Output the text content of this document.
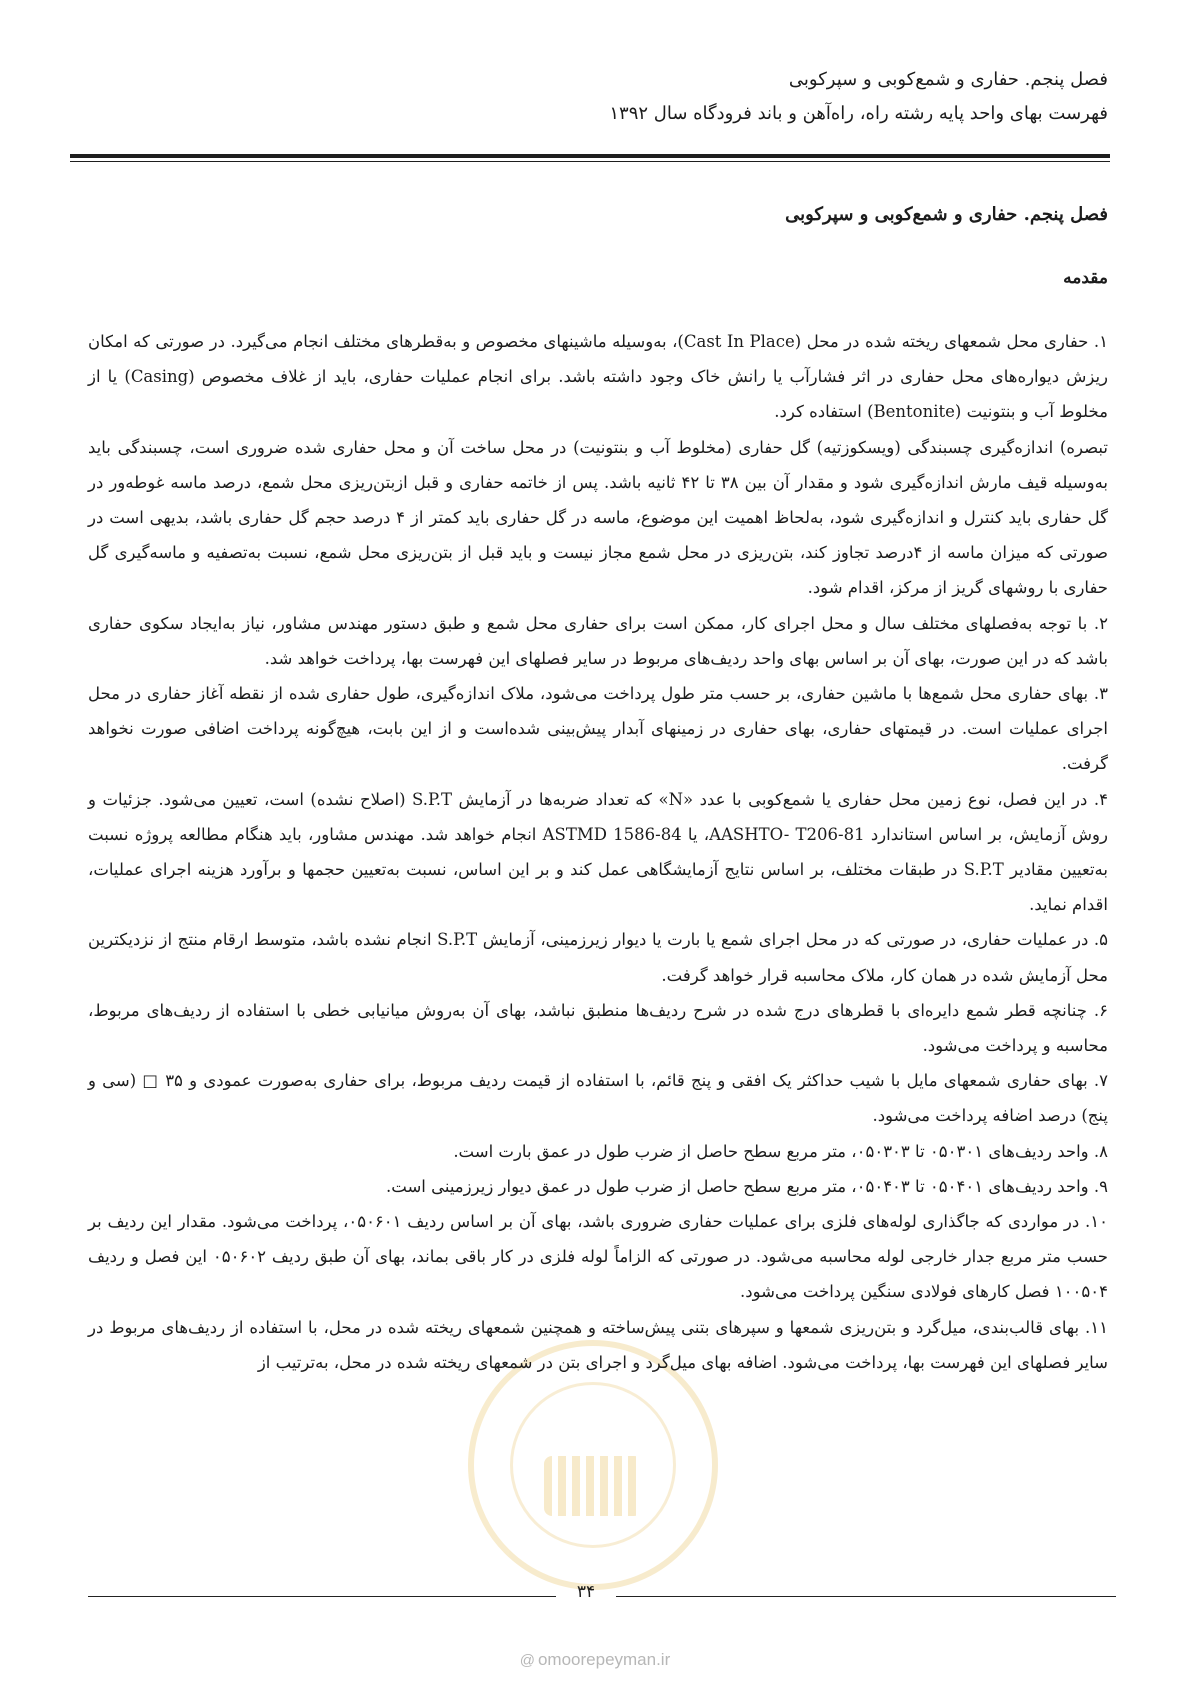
فصل پنجم. حفاری و شمع‌کوبی و سپرکوبی
فهرست بهای واحد پایه رشته راه، راه‌آهن و باند فرودگاه سال ۱۳۹۲
فصل پنجم. حفاری و شمع‌کوبی و سپرکوبی
مقدمه

۱. حفاری محل شمعهای ریخته شده در محل (Cast In Place)، به‌وسیله ماشینهای مخصوص و به‌قطرهای مختلف انجام می‌گیرد. در صورتی که امکان ریزش دیواره‌های محل حفاری در اثر فشارآب یا رانش خاک وجود داشته باشد. برای انجام عملیات حفاری، باید از غلاف مخصوص (Casing) یا از مخلوط آب و بنتونیت (Bentonite) استفاده کرد.

تبصره) اندازه‌گیری چسبندگی (ویسکوزتیه) گل حفاری (مخلوط آب و بنتونیت) در محل ساخت آن و محل حفاری شده ضروری است، چسبندگی باید به‌وسیله قیف مارش اندازه‌گیری شود و مقدار آن بین ۳۸ تا ۴۲ ثانیه باشد. پس از خاتمه حفاری و قبل ازبتن‌ریزی محل شمع، درصد ماسه غوطه‌ور در گل حفاری باید کنترل و اندازه‌گیری شود، به‌لحاظ اهمیت این موضوع، ماسه در گل حفاری باید کمتر از ۴ درصد حجم گل حفاری باشد، بدیهی است در صورتی که میزان ماسه از ۴درصد تجاوز کند، بتن‌ریزی در محل شمع مجاز نیست و باید قبل از بتن‌ریزی محل شمع، نسبت به‌تصفیه و ماسه‌گیری گل حفاری با روشهای گریز از مرکز، اقدام شود.

۲. با توجه به‌فصلهای مختلف سال و محل اجرای کار، ممکن است برای حفاری محل شمع و طبق دستور مهندس مشاور، نیاز به‌ایجاد سکوی حفاری باشد که در این صورت، بهای آن بر اساس بهای واحد ردیف‌های مربوط در سایر فصلهای این فهرست بها، پرداخت خواهد شد.

۳. بهای حفاری محل شمع‌ها با ماشین حفاری، بر حسب متر طول پرداخت می‌شود، ملاک اندازه‌گیری، طول حفاری شده از نقطه آغاز حفاری در محل اجرای عملیات است. در قیمتهای حفاری، بهای حفاری در زمینهای آبدار پیش‌بینی شده‌است و از این بابت، هیچ‌گونه پرداخت اضافی صورت نخواهد گرفت.

۴. در این فصل، نوع زمین محل حفاری یا شمع‌کوبی با عدد «N» که تعداد ضربه‌ها در آزمایش S.P.T (اصلاح نشده) است، تعیین می‌شود. جزئیات و روش آزمایش، بر اساس استاندارد AASHTO- T206-81، یا ASTMD 1586-84 انجام خواهد شد. مهندس مشاور، باید هنگام مطالعه پروژه نسبت به‌تعیین مقادیر S.P.T در طبقات مختلف، بر اساس نتایج آزمایشگاهی عمل کند و بر این اساس، نسبت به‌تعیین حجمها و برآورد هزینه اجرای عملیات، اقدام نماید.

۵. در عملیات حفاری، در صورتی که در محل اجرای شمع یا بارت یا دیوار زیرزمینی، آزمایش S.P.T انجام نشده باشد، متوسط ارقام منتج از نزدیکترین محل آزمایش شده در همان کار، ملاک محاسبه قرار خواهد گرفت.

۶. چنانچه قطر شمع دایره‌ای با قطرهای درج شده در شرح ردیف‌ها منطبق نباشد، بهای آن به‌روش میانیابی خطی با استفاده از ردیف‌های مربوط، محاسبه و پرداخت می‌شود.

۷. بهای حفاری شمعهای مایل با شیب حداکثر یک افقی و پنج قائم، با استفاده از قیمت ردیف مربوط، برای حفاری به‌صورت عمودی و ۳۵ □ (سی و پنج) درصد اضافه پرداخت می‌شود.

۸. واحد ردیف‌های ۰۵۰۳۰۱ تا ۰۵۰۳۰۳، متر مربع سطح حاصل از ضرب طول در عمق بارت است.

۹. واحد ردیف‌های ۰۵۰۴۰۱ تا ۰۵۰۴۰۳، متر مربع سطح حاصل از ضرب طول در عمق دیوار زیرزمینی است.

۱۰. در مواردی که جاگذاری لوله‌های فلزی برای عملیات حفاری ضروری باشد، بهای آن بر اساس ردیف ۰۵۰۶۰۱، پرداخت می‌شود. مقدار این ردیف بر حسب متر مربع جدار خارجی لوله محاسبه می‌شود. در صورتی که الزاماً لوله فلزی در کار باقی بماند، بهای آن طبق ردیف ۰۵۰۶۰۲ این فصل و ردیف ۱۰۰۵۰۴ فصل کارهای فولادی سنگین پرداخت می‌شود.

۱۱. بهای قالب‌بندی، میل‌گرد و بتن‌ریزی شمعها و سپرهای بتنی پیش‌ساخته و همچنین شمعهای ریخته شده در محل، با استفاده از ردیف‌های مربوط در سایر فصلهای این فهرست بها، پرداخت می‌شود. اضافه بهای میل‌گرد و اجرای بتن در شمعهای ریخته شده در محل، به‌ترتیب از

۳۴
@ omoorepeyman.ir
